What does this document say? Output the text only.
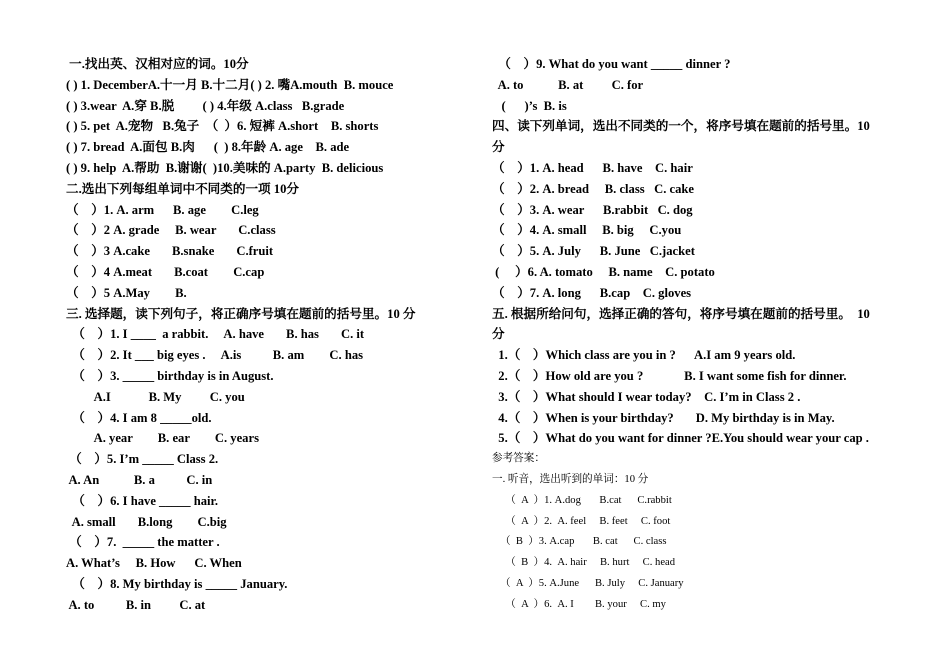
一.找出英、汉相对应的词。10分
( ) 1. DecemberA.十一月 B.十二月( ) 2. 嘴A.mouth  B. mouce
( ) 3.wear  A.穿 B.脱         ( ) 4.年级 A.class   B.grade
( ) 5. pet  A.宠物   B.兔子  （  ）6. 短裤 A.short    B. shorts
( ) 7. bread  A.面包 B.肉      (  ) 8.年龄 A. age    B. ade
( ) 9. help  A.帮助  B.谢谢(  )10.美味的 A.party  B. delicious
二.选出下列每组单词中不同类的一项 10分
（    ）1. A. arm      B. age        C.leg
（    ）2 A. grade     B. wear       C.class
（    ）3 A.cake       B.snake       C.fruit
（    ）4 A.meat       B.coat        C.cap
（    ）5 A.May        B.
三. 选择题，读下列句子，将正确序号填在题前的括号里。10 分
（    ）1. I ____  a rabbit.     A. have       B. has       C. it
（    ）2. It ___ big eyes .     A.is          B. am        C. has
（    ）3. _____ birthday is in August.
A.I            B. My         C. you
（    ）4. I am 8 _____old.
A. year        B. ear        C. years
（    ）5. I’m _____ Class 2.
A. An           B. a          C. in
（    ）6. I have _____ hair.
A. small       B.long        C.big
（    ）7.  _____ the matter .
A. What’s     B. How      C. When
（    ）8. My birthday is _____ January.
A. to          B. in         C. at
（    ）9. What do you want _____ dinner ?
A. to           B. at         C. for
(      )’s  B. is
四、读下列单词，选出不同类的一个，将序号填在题前的括号里。10
分
（    ）1. A. head      B. have    C. hair
（    ）2. A. bread     B. class   C. cake
（    ）3. A. wear      B.rabbit   C. dog
（    ）4. A. small     B. big     C.you
（    ）5. A. July      B. June   C.jacket
(     ）6. A. tomato     B. name    C. potato
（    ）7. A. long      B.cap    C. gloves
五. 根据所给问句，选择正确的答句，将序号填在题前的括号里。  10
分
1.（    ）Which class are you in ?      A.I am 9 years old.
2.（    ）How old are you ?             B. I want some fish for dinner.
3.（    ）What should I wear today?    C. I’m in Class 2 .
4.（    ）When is your birthday?       D. My birthday is in May.
5.（    ）What do you want for dinner ?E.You should wear your cap .
参考答案：
一. 听音，选出听到的单词：10 分
（  A  ）1. A.dog       B.cat      C.rabbit
（  A  ）2.  A. feel     B. feet     C. foot
（  B  ）3. A.cap       B. cat      C. class
（  B  ）4.  A. hair     B. hurt     C. head
（  A  ）5. A.June      B. July     C. January
（  A  ）6.  A. I        B. your     C. my
